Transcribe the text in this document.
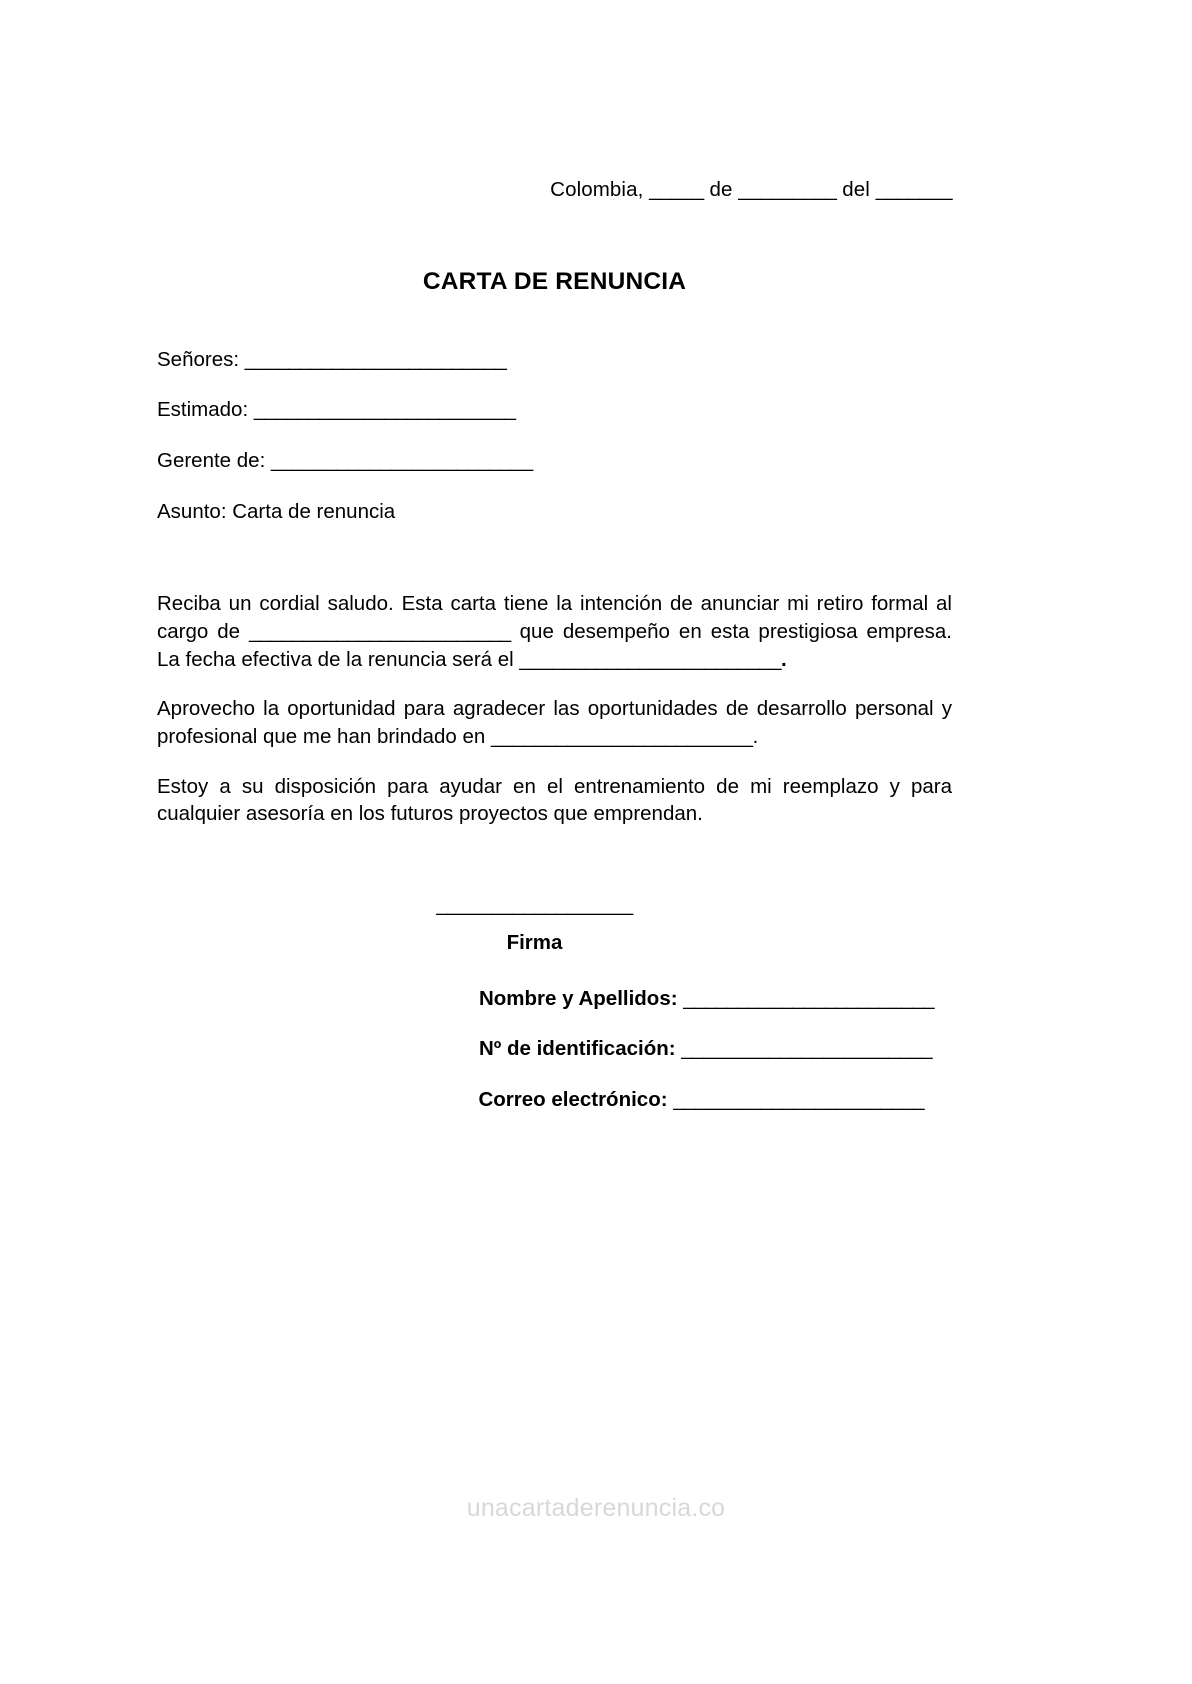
Colombia, _____ de _________ del _______
CARTA DE RENUNCIA
Señores: ________________________
Estimado: ________________________
Gerente de: ________________________
Asunto: Carta de renuncia

Reciba un cordial saludo. Esta carta tiene la intención de anunciar mi retiro formal al cargo de ________________________ que desempeño en esta prestigiosa empresa. La fecha efectiva de la renuncia será el ________________________.

Aprovecho la oportunidad para agradecer las oportunidades de desarrollo personal y profesional que me han brindado en ________________________.

Estoy a su disposición para ayudar en el entrenamiento de mi reemplazo y para cualquier asesoría en los futuros proyectos que emprendan.

__________________
Firma
Nombre y Apellidos: _______________________
Nº de identificación: _______________________
Correo electrónico: _______________________
unacartaderenuncia.co
